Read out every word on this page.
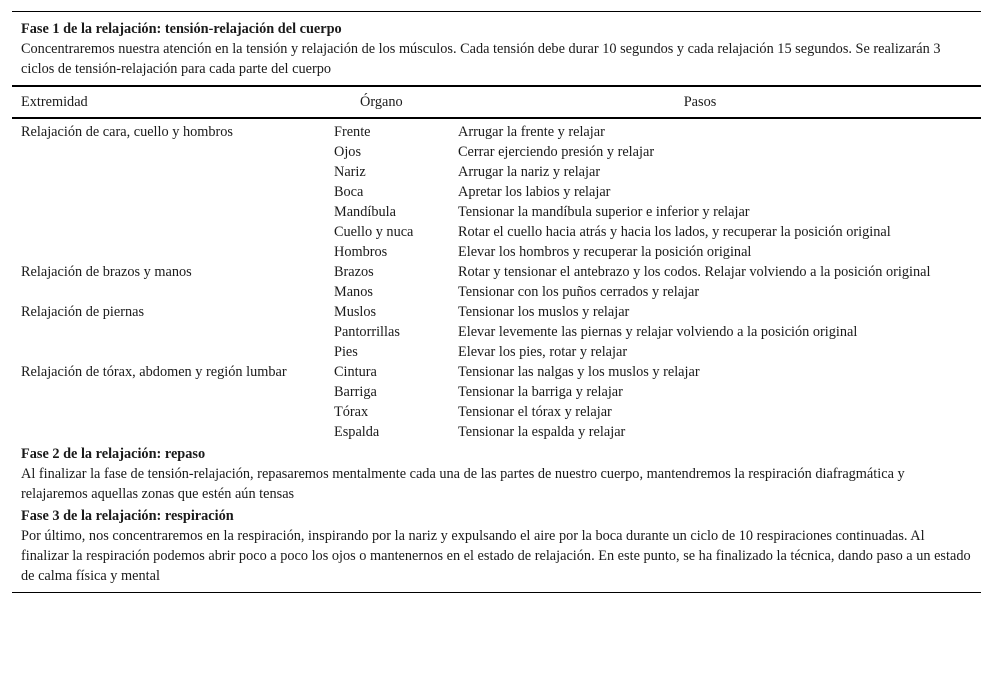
Fase 1 de la relajación: tensión-relajación del cuerpo
Concentraremos nuestra atención en la tensión y relajación de los músculos. Cada tensión debe durar 10 segundos y cada relajación 15 segundos. Se realizarán 3 ciclos de tensión-relajación para cada parte del cuerpo
Extremidad	Órgano	Pasos
Relajación de cara, cuello y hombros	Frente	Arrugar la frente y relajar
Ojos	Cerrar ejerciendo presión y relajar
Nariz	Arrugar la nariz y relajar
Boca	Apretar los labios y relajar
Mandíbula	Tensionar la mandíbula superior e inferior y relajar
Cuello y nuca	Rotar el cuello hacia atrás y hacia los lados, y recuperar la posición original
Hombros	Elevar los hombros y recuperar la posición original
Relajación de brazos y manos	Brazos	Rotar y tensionar el antebrazo y los codos. Relajar volviendo a la posición original
Manos	Tensionar con los puños cerrados y relajar
Relajación de piernas	Muslos	Tensionar los muslos y relajar
Pantorrillas	Elevar levemente las piernas y relajar volviendo a la posición original
Pies	Elevar los pies, rotar y relajar
Relajación de tórax, abdomen y región lumbar	Cintura	Tensionar las nalgas y los muslos y relajar
Barriga	Tensionar la barriga y relajar
Tórax	Tensionar el tórax y relajar
Espalda	Tensionar la espalda y relajar
Fase 2 de la relajación: repaso
Al finalizar la fase de tensión-relajación, repasaremos mentalmente cada una de las partes de nuestro cuerpo, mantendremos la respiración diafragmática y relajaremos aquellas zonas que estén aún tensas
Fase 3 de la relajación: respiración
Por último, nos concentraremos en la respiración, inspirando por la nariz y expulsando el aire por la boca durante un ciclo de 10 respiraciones continuadas. Al finalizar la respiración podemos abrir poco a poco los ojos o mantenernos en el estado de relajación. En este punto, se ha finalizado la técnica, dando paso a un estado de calma física y mental
